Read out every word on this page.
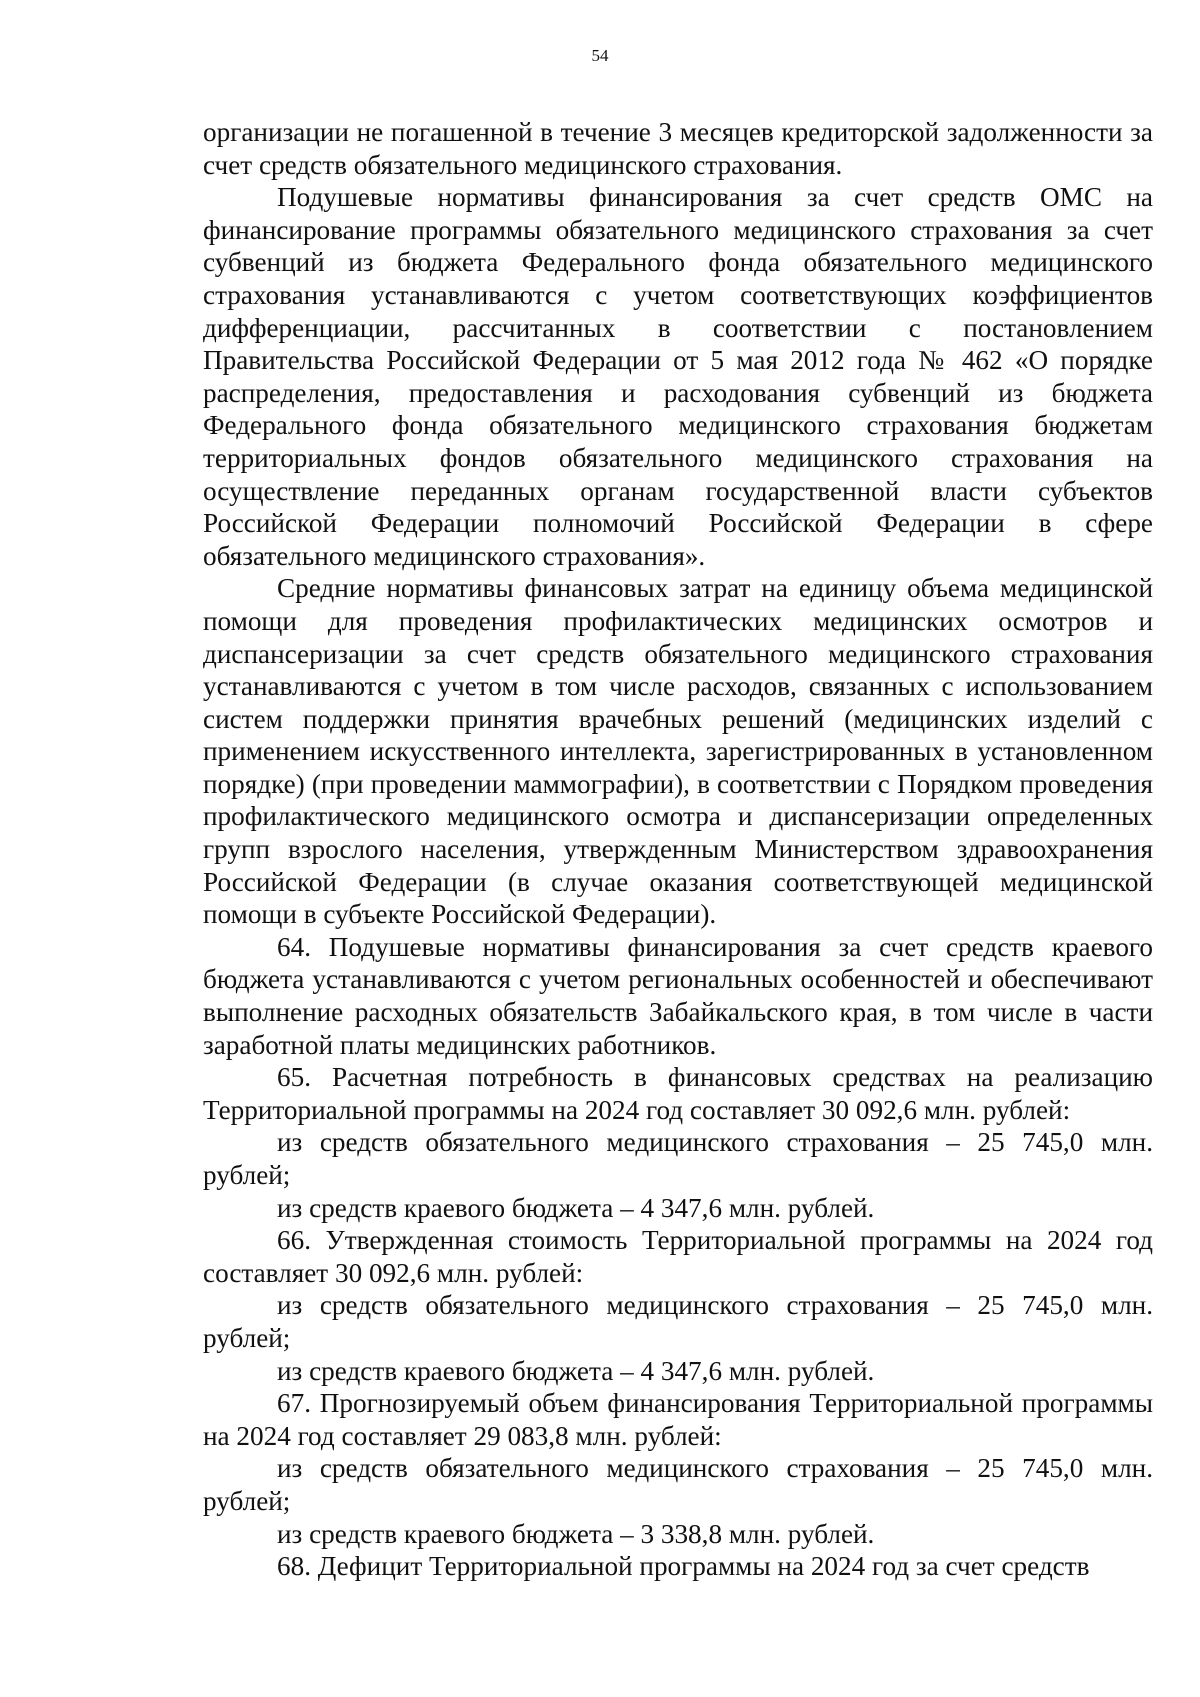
54

организации не погашенной в течение 3 месяцев кредиторской задолженности за счет средств обязательного медицинского страхования.

Подушевые нормативы финансирования за счет средств ОМС на финансирование программы обязательного медицинского страхования за счет субвенций из бюджета Федерального фонда обязательного медицинского страхования устанавливаются с учетом соответствующих коэффициентов дифференциации, рассчитанных в соответствии с постановлением Правительства Российской Федерации от 5 мая 2012 года № 462 «О порядке распределения, предоставления и расходования субвенций из бюджета Федерального фонда обязательного медицинского страхования бюджетам территориальных фондов обязательного медицинского страхования на осуществление переданных органам государственной власти субъектов Российской Федерации полномочий Российской Федерации в сфере обязательного медицинского страхования».

Средние нормативы финансовых затрат на единицу объема медицинской помощи для проведения профилактических медицинских осмотров и диспансеризации за счет средств обязательного медицинского страхования устанавливаются с учетом в том числе расходов, связанных с использованием систем поддержки принятия врачебных решений (медицинских изделий с применением искусственного интеллекта, зарегистрированных в установленном порядке) (при проведении маммографии), в соответствии с Порядком проведения профилактического медицинского осмотра и диспансеризации определенных групп взрослого населения, утвержденным Министерством здравоохранения Российской Федерации (в случае оказания соответствующей медицинской помощи в субъекте Российской Федерации).

64. Подушевые нормативы финансирования за счет средств краевого бюджета устанавливаются с учетом региональных особенностей и обеспечивают выполнение расходных обязательств Забайкальского края, в том числе в части заработной платы медицинских работников.

65. Расчетная потребность в финансовых средствах на реализацию Территориальной программы на 2024 год составляет 30 092,6 млн. рублей:

из средств обязательного медицинского страхования – 25 745,0 млн. рублей;

из средств краевого бюджета – 4 347,6 млн. рублей.

66. Утвержденная стоимость Территориальной программы на 2024 год составляет 30 092,6 млн. рублей:

из средств обязательного медицинского страхования – 25 745,0 млн. рублей;

из средств краевого бюджета – 4 347,6 млн. рублей.

67. Прогнозируемый объем финансирования Территориальной программы на 2024 год составляет 29 083,8 млн. рублей:

из средств обязательного медицинского страхования – 25 745,0 млн. рублей;

из средств краевого бюджета – 3 338,8 млн. рублей.

68. Дефицит Территориальной программы на 2024 год за счет средств
